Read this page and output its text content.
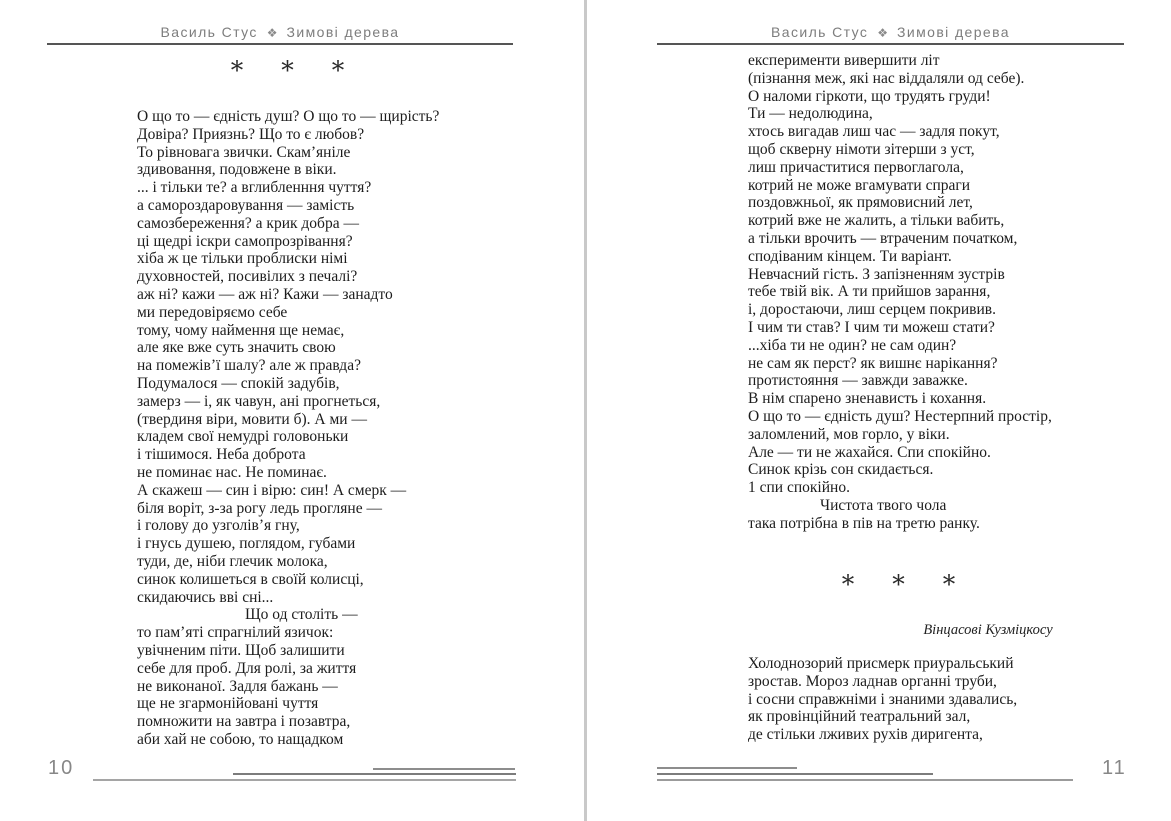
Василь Стус ❖ Зимові дерева
* * *
О що то — єдність душ? О що то — щирість?
Довіра? Приязнь? Що то є любов?
То рівновага звички. Скам’яніле
здивовання, подовжене в віки.
... і тільки те? а вглибленння чуття?
а самороздаровування — замість
самозбереження? а крик добра —
ці щедрі іскри самопрозрівання?
хіба ж це тільки проблиски німі
духовностей, посивілих з печалі?
аж ні? кажи — аж ні? Кажи — занадто
ми передовіряємо себе
тому, чому наймення ще немає,
але яке вже суть значить свою
на помежів’ї шалу? але ж правда?
Подумалося — спокій задубів,
замерз — і, як чавун, ані прогнеться,
(твердиня віри, мовити б). А ми —
кладем свої немудрі головоньки
і тішимося. Неба доброта
не поминає нас. Не поминає.
А скажеш — син і вірю: син! А смерк —
біля воріт, з-за рогу ледь прогляне —
і голову до узголів’я гну,
і гнусь душею, поглядом, губами
туди, де, ніби глечик молока,
синок колишеться в своїй колисці,
скидаючись вві сні...
Що од століть —
то пам’яті спрагнілий язичок:
увічненим піти. Щоб залишити
себе для проб. Для ролі, за життя
не виконаної. Задля бажань —
ще не згармонійовані чуття
помножити на завтра і позавтра,
аби хай не собою, то нащадком
10
Василь Стус ❖ Зимові дерева
експерименти вивершити літ
(пізнання меж, які нас віддаляли од себе).
О наломи гіркоти, що трудять груди!
Ти — недолюдина,
хтось вигадав лиш час — задля покут,
щоб скверну німоти зітерши з уст,
лиш причаститися первоглагола,
котрий не може вгамувати спраги
поздовжньої, як прямовисний лет,
котрий вже не жалить, а тільки вабить,
а тільки врочить — втраченим початком,
сподіваним кінцем. Ти варіант.
Невчасний гість. З запізненням зустрів
тебе твій вік. А ти прийшов зарання,
і, доростаючи, лиш серцем покривив.
І чим ти став? І чим ти можеш стати?
...хіба ти не один? не сам один?
не сам як перст? як вишнє нарікання?
протистояння — завжди заважке.
В нім спарено зненависть і кохання.
О що то — єдність душ? Нестерпний простір,
заломлений, мов горло, у віки.
Але — ти не жахайся. Спи спокійно.
Синок крізь сон скидається.
1 спи спокійно.
Чистота твого чола
така потрібна в пів на третю ранку.
* * *
Вінцасові Кузміцкосу
Холоднозорий присмерк приуральський
зростав. Мороз ладнав органні труби,
і сосни справжніми і знаними здавались,
як провінційний театральний зал,
де стільки лживих рухів диригента,
11
